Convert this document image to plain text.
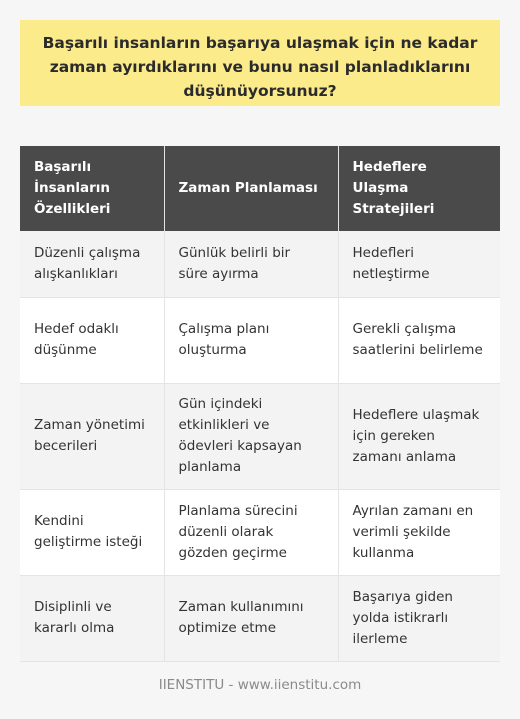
Başarılı insanların başarıya ulaşmak için ne kadar zaman ayırdıklarını ve bunu nasıl planladıklarını düşünüyorsunuz?
Başarılı İnsanların Özellikleri	Zaman Planlaması	Hedeflere Ulaşma Stratejileri
Düzenli çalışma alışkanlıkları	Günlük belirli bir süre ayırma	Hedefleri netleştirme
Hedef odaklı düşünme	Çalışma planı oluşturma	Gerekli çalışma saatlerini belirleme
Zaman yönetimi becerileri	Gün içindeki etkinlikleri ve ödevleri kapsayan planlama	Hedeflere ulaşmak için gereken zamanı anlama
Kendini geliştirme isteği	Planlama sürecini düzenli olarak gözden geçirme	Ayrılan zamanı en verimli şekilde kullanma
Disiplinli ve kararlı olma	Zaman kullanımını optimize etme	Başarıya giden yolda istikrarlı ilerleme
IIENSTITU - www.iienstitu.com
